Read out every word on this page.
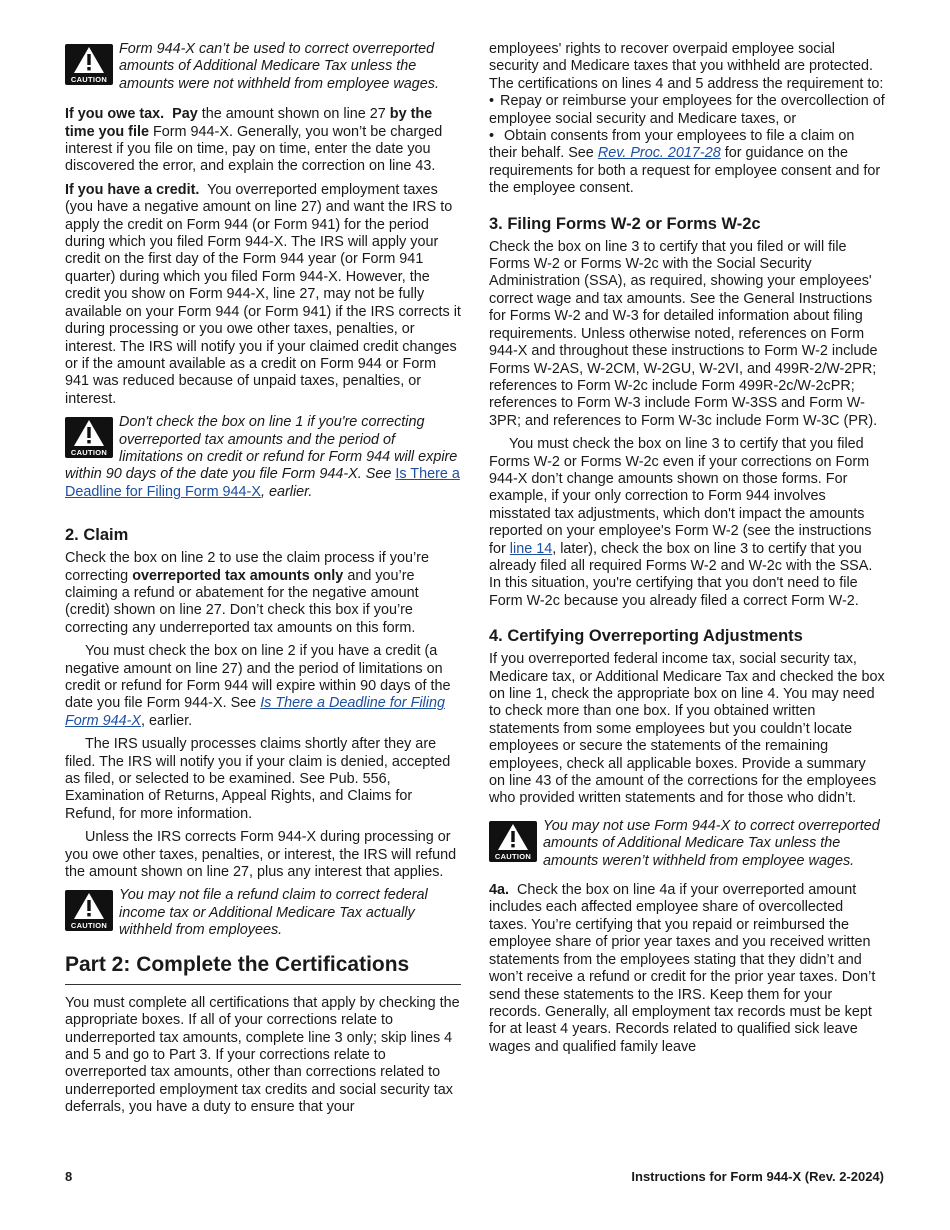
CAUTION
Form 944-X can’t be used to correct overreported amounts of Additional Medicare Tax unless the amounts were not withheld from employee wages.

If you owe tax. Pay the amount shown on line 27 by the time you file Form 944-X. Generally, you won’t be charged interest if you file on time, pay on time, enter the date you discovered the error, and explain the correction on line 43.

If you have a credit. You overreported employment taxes (you have a negative amount on line 27) and want the IRS to apply the credit on Form 944 (or Form 941) for the period during which you filed Form 944-X. The IRS will apply your credit on the first day of the Form 944 year (or Form 941 quarter) during which you filed Form 944-X. However, the credit you show on Form 944-X, line 27, may not be fully available on your Form 944 (or Form 941) if the IRS corrects it during processing or you owe other taxes, penalties, or interest. The IRS will notify you if your claimed credit changes or if the amount available as a credit on Form 944 or Form 941 was reduced because of unpaid taxes, penalties, or interest.

CAUTION
Don't check the box on line 1 if you're correcting overreported tax amounts and the period of limitations on credit or refund for Form 944 will expire within 90 days of the date you file Form 944-X. See Is There a Deadline for Filing Form 944-X, earlier.
2. Claim

Check the box on line 2 to use the claim process if you’re correcting overreported tax amounts only and you’re claiming a refund or abatement for the negative amount (credit) shown on line 27. Don’t check this box if you’re correcting any underreported tax amounts on this form.

You must check the box on line 2 if you have a credit (a negative amount on line 27) and the period of limitations on credit or refund for Form 944 will expire within 90 days of the date you file Form 944-X. See Is There a Deadline for Filing Form 944-X, earlier.

The IRS usually processes claims shortly after they are filed. The IRS will notify you if your claim is denied, accepted as filed, or selected to be examined. See Pub. 556, Examination of Returns, Appeal Rights, and Claims for Refund, for more information.

Unless the IRS corrects Form 944-X during processing or you owe other taxes, penalties, or interest, the IRS will refund the amount shown on line 27, plus any interest that applies.

CAUTION
You may not file a refund claim to correct federal income tax or Additional Medicare Tax actually withheld from employees.
Part 2: Complete the Certifications

You must complete all certifications that apply by checking the appropriate boxes. If all of your corrections relate to underreported tax amounts, complete line 3 only; skip lines 4 and 5 and go to Part 3. If your corrections relate to overreported tax amounts, other than corrections related to underreported employment tax credits and social security tax deferrals, you have a duty to ensure that your

employees' rights to recover overpaid employee social security and Medicare taxes that you withheld are protected. The certifications on lines 4 and 5 address the requirement to:

• Repay or reimburse your employees for the overcollection of employee social security and Medicare taxes, or
• Obtain consents from your employees to file a claim on their behalf. See Rev. Proc. 2017-28 for guidance on the requirements for both a request for employee consent and for the employee consent.
3. Filing Forms W-2 or Forms W-2c

Check the box on line 3 to certify that you filed or will file Forms W-2 or Forms W-2c with the Social Security Administration (SSA), as required, showing your employees' correct wage and tax amounts. See the General Instructions for Forms W-2 and W-3 for detailed information about filing requirements. Unless otherwise noted, references on Form 944-X and throughout these instructions to Form W-2 include Forms W-2AS, W-2CM, W-2GU, W-2VI, and 499R-2/W-2PR; references to Form W-2c include Form 499R-2c/W-2cPR; references to Form W-3 include Form W-3SS and Form W-3PR; and references to Form W-3c include Form W-3C (PR).

You must check the box on line 3 to certify that you filed Forms W-2 or Forms W-2c even if your corrections on Form 944-X don’t change amounts shown on those forms. For example, if your only correction to Form 944 involves misstated tax adjustments, which don't impact the amounts reported on your employee's Form W-2 (see the instructions for line 14, later), check the box on line 3 to certify that you already filed all required Forms W-2 and W-2c with the SSA. In this situation, you're certifying that you don't need to file Form W-2c because you already filed a correct Form W-2.

4. Certifying Overreporting Adjustments

If you overreported federal income tax, social security tax, Medicare tax, or Additional Medicare Tax and checked the box on line 1, check the appropriate box on line 4. You may need to check more than one box. If you obtained written statements from some employees but you couldn’t locate employees or secure the statements of the remaining employees, check all applicable boxes. Provide a summary on line 43 of the amount of the corrections for the employees who provided written statements and for those who didn’t.

CAUTION
You may not use Form 944-X to correct overreported amounts of Additional Medicare Tax unless the amounts weren’t withheld from employee wages.

4a. Check the box on line 4a if your overreported amount includes each affected employee share of overcollected taxes. You’re certifying that you repaid or reimbursed the employee share of prior year taxes and you received written statements from the employees stating that they didn’t and won’t receive a refund or credit for the prior year taxes. Don’t send these statements to the IRS. Keep them for your records. Generally, all employment tax records must be kept for at least 4 years. Records related to qualified sick leave wages and qualified family leave

8	Instructions for Form 944-X (Rev. 2-2024)
